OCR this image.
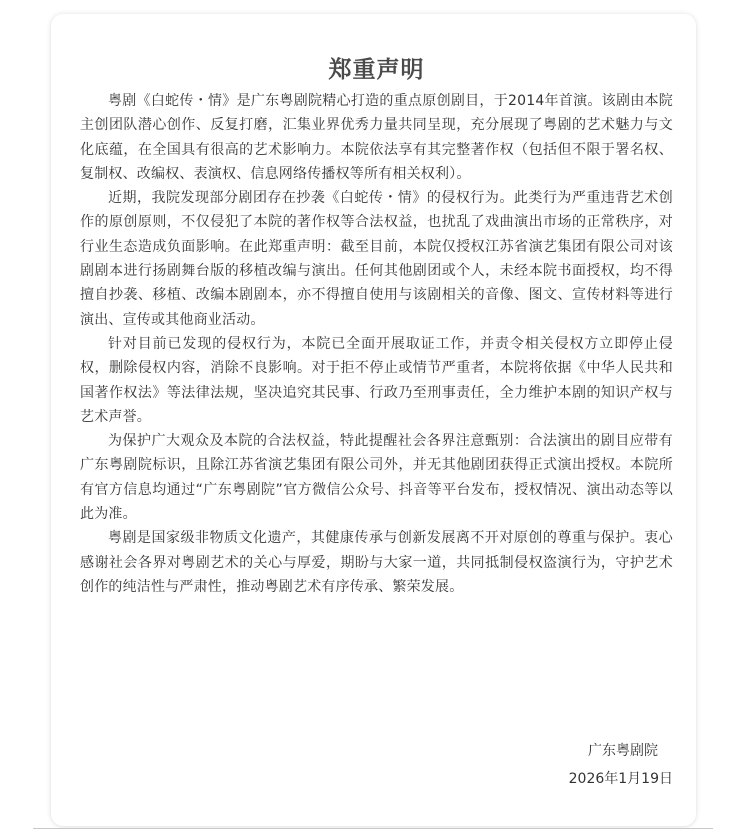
郑重声明

粤剧《白蛇传・情》是广东粤剧院精心打造的重点原创剧目，于2014年首演。该剧由本院主创团队潜心创作、反复打磨，汇集业界优秀力量共同呈现，充分展现了粤剧的艺术魅力与文化底蕴，在全国具有很高的艺术影响力。本院依法享有其完整著作权（包括但不限于署名权、复制权、改编权、表演权、信息网络传播权等所有相关权利）。

近期，我院发现部分剧团存在抄袭《白蛇传・情》的侵权行为。此类行为严重违背艺术创作的原创原则，不仅侵犯了本院的著作权等合法权益，也扰乱了戏曲演出市场的正常秩序，对行业生态造成负面影响。在此郑重声明：截至目前，本院仅授权江苏省演艺集团有限公司对该剧剧本进行扬剧舞台版的移植改编与演出。任何其他剧团或个人，未经本院书面授权，均不得擅自抄袭、移植、改编本剧剧本，亦不得擅自使用与该剧相关的音像、图文、宣传材料等进行演出、宣传或其他商业活动。

针对目前已发现的侵权行为，本院已全面开展取证工作，并责令相关侵权方立即停止侵权，删除侵权内容，消除不良影响。对于拒不停止或情节严重者，本院将依据《中华人民共和国著作权法》等法律法规，坚决追究其民事、行政乃至刑事责任，全力维护本剧的知识产权与艺术声誉。

为保护广大观众及本院的合法权益，特此提醒社会各界注意甄别：合法演出的剧目应带有广东粤剧院标识，且除江苏省演艺集团有限公司外，并无其他剧团获得正式演出授权。本院所有官方信息均通过“广东粤剧院”官方微信公众号、抖音等平台发布，授权情况、演出动态等以此为准。

粤剧是国家级非物质文化遗产，其健康传承与创新发展离不开对原创的尊重与保护。衷心感谢社会各界对粤剧艺术的关心与厚爱，期盼与大家一道，共同抵制侵权盗演行为，守护艺术创作的纯洁性与严肃性，推动粤剧艺术有序传承、繁荣发展。

广东粤剧院
2026年1月19日
